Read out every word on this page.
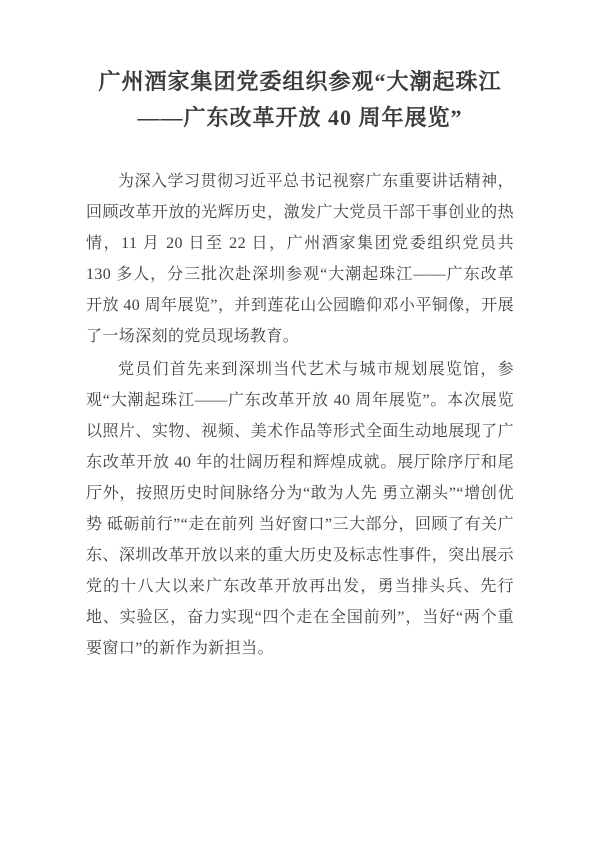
广州酒家集团党委组织参观“大潮起珠江
——广东改革开放 40 周年展览”

为深入学习贯彻习近平总书记视察广东重要讲话精神，回顾改革开放的光辉历史，激发广大党员干部干事创业的热情，11 月 20 日至 22 日，广州酒家集团党委组织党员共 130 多人，分三批次赴深圳参观“大潮起珠江——广东改革开放 40 周年展览”，并到莲花山公园瞻仰邓小平铜像，开展了一场深刻的党员现场教育。

党员们首先来到深圳当代艺术与城市规划展览馆，参观“大潮起珠江——广东改革开放 40 周年展览”。本次展览以照片、实物、视频、美术作品等形式全面生动地展现了广东改革开放 40 年的壮阔历程和辉煌成就。展厅除序厅和尾厅外，按照历史时间脉络分为“敢为人先 勇立潮头”“增创优势 砥砺前行”“走在前列 当好窗口”三大部分，回顾了有关广东、深圳改革开放以来的重大历史及标志性事件，突出展示党的十八大以来广东改革开放再出发，勇当排头兵、先行地、实验区，奋力实现“四个走在全国前列”，当好“两个重要窗口”的新作为新担当。
